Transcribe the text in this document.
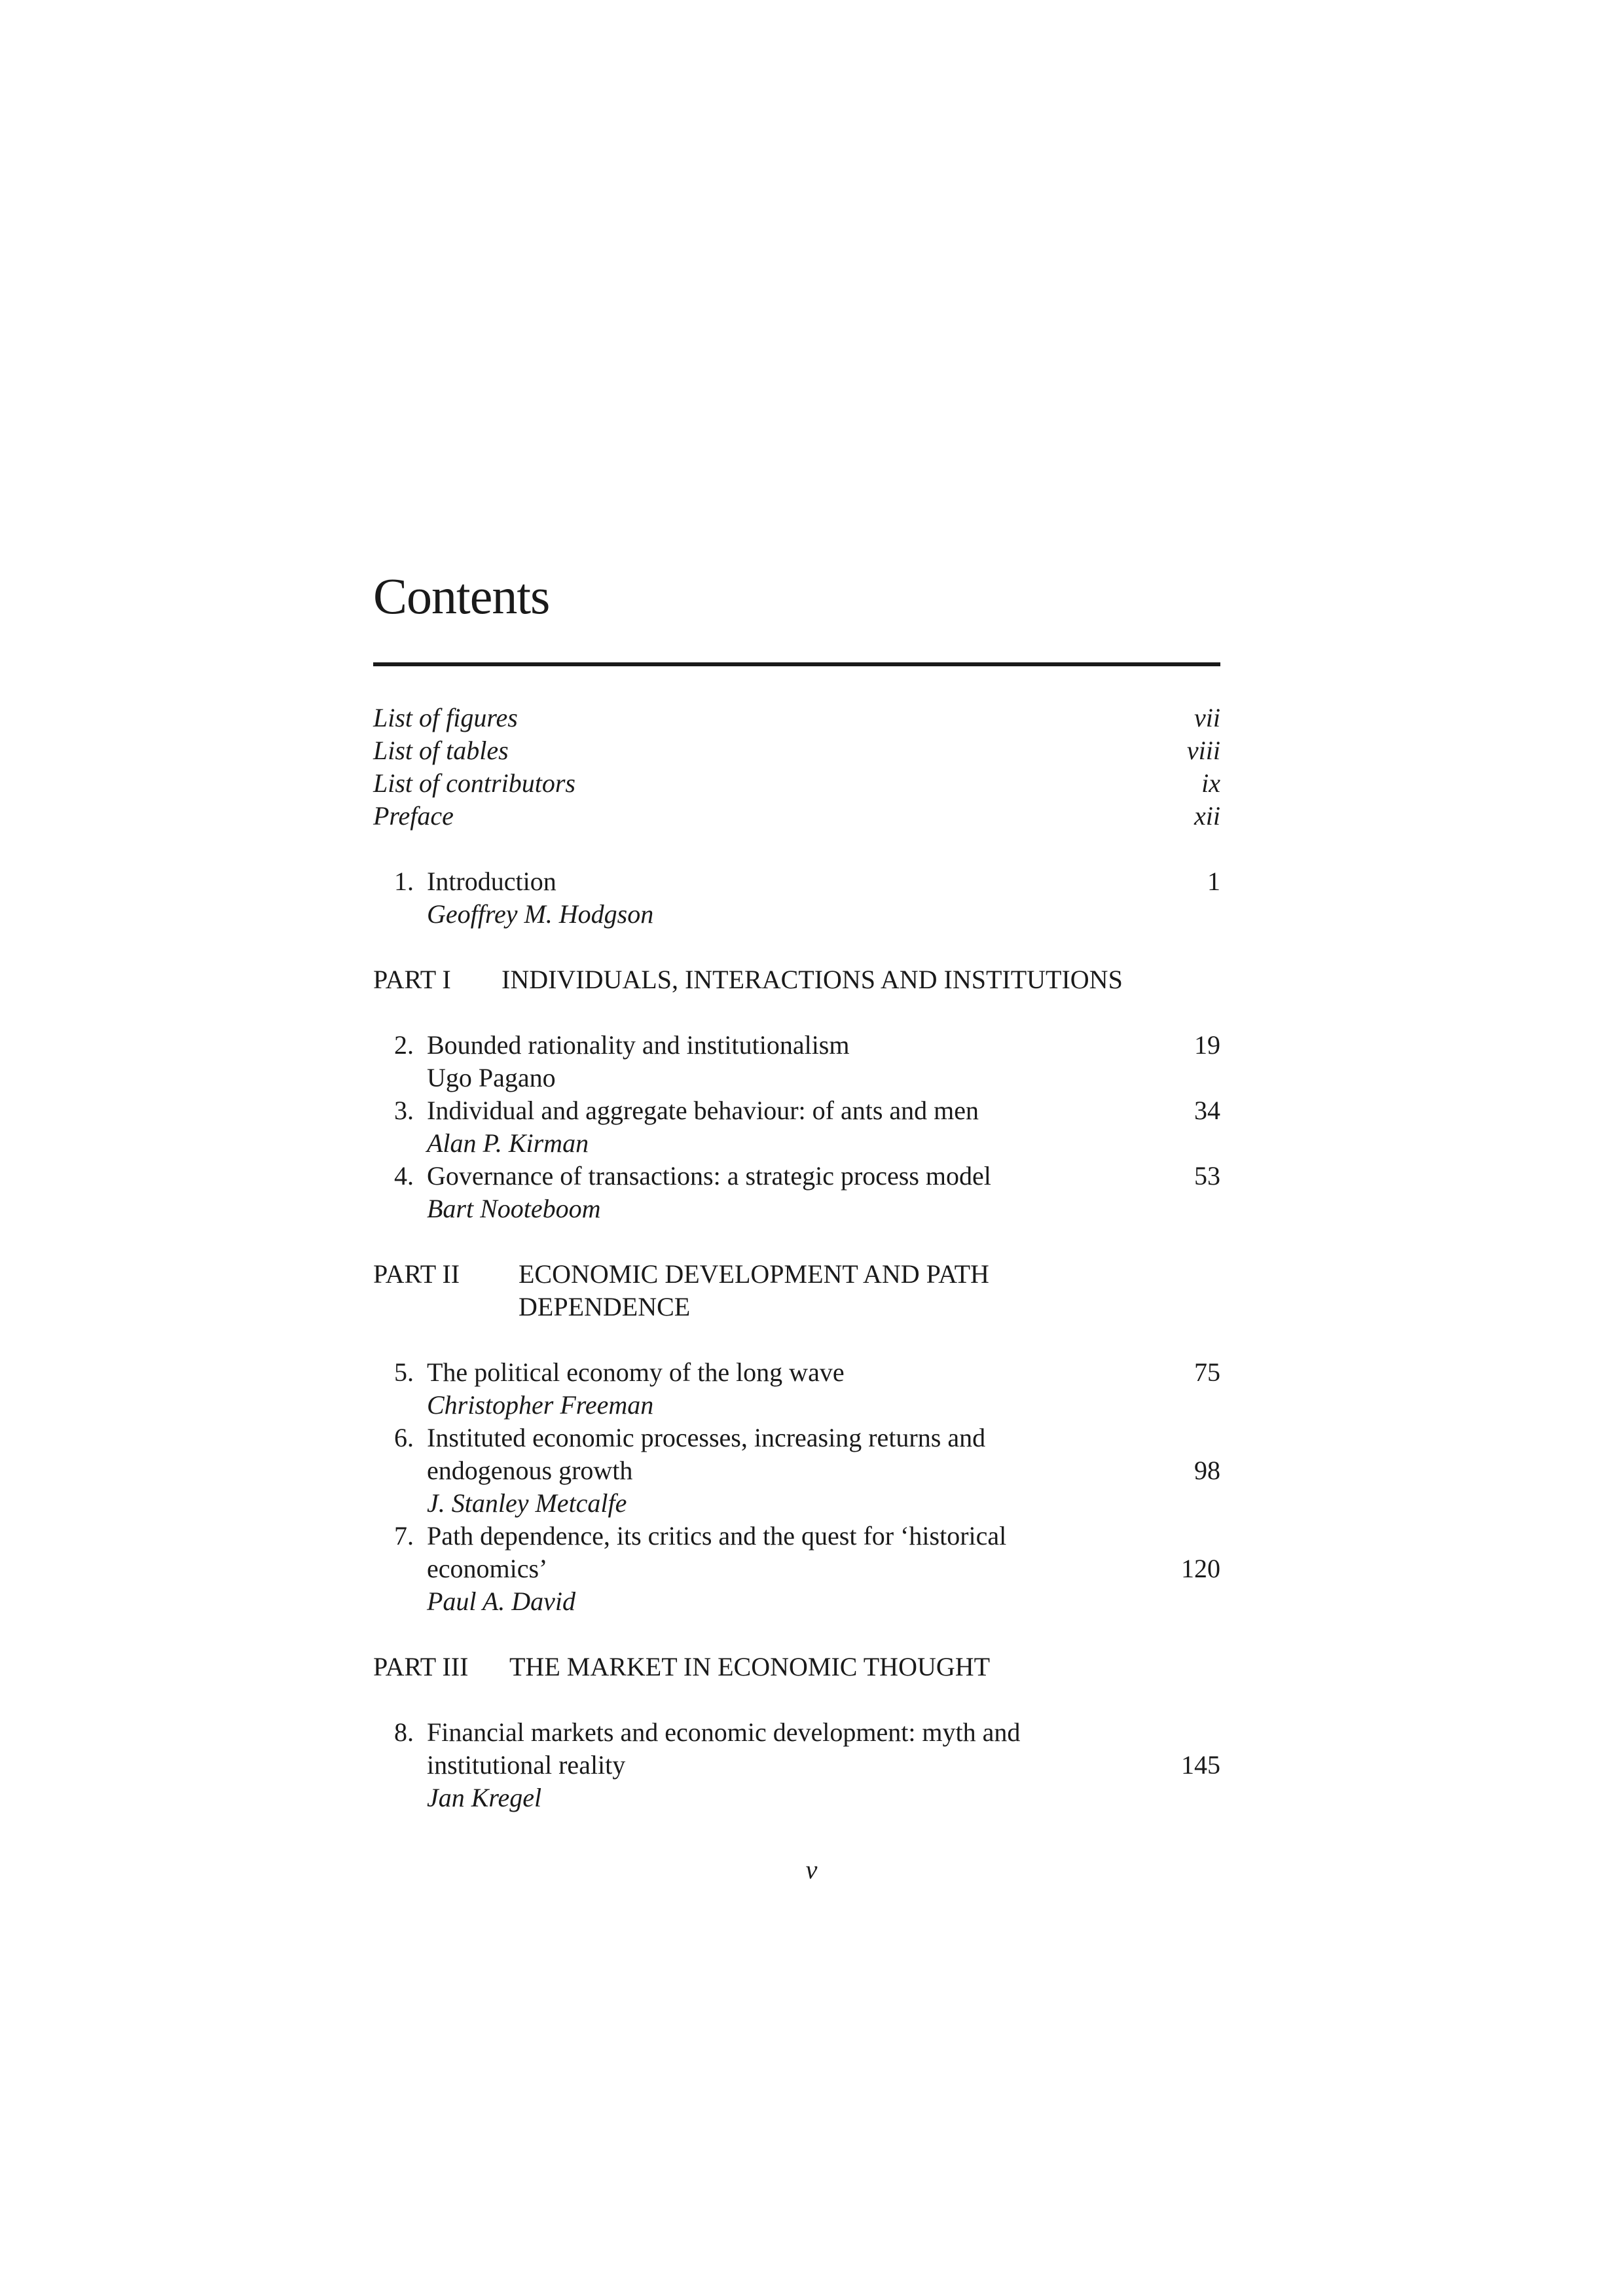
Contents
List of figures	vii
List of tables	viii
List of contributors	ix
Preface	xii
1. Introduction	1
Geoffrey M. Hodgson
PART I INDIVIDUALS, INTERACTIONS AND INSTITUTIONS
2. Bounded rationality and institutionalism	19
Ugo Pagano
3. Individual and aggregate behaviour: of ants and men	34
Alan P. Kirman
4. Governance of transactions: a strategic process model	53
Bart Nooteboom
PART II ECONOMIC DEVELOPMENT AND PATH
DEPENDENCE
5. The political economy of the long wave	75
Christopher Freeman
6. Instituted economic processes, increasing returns and
endogenous growth	98
J. Stanley Metcalfe
7. Path dependence, its critics and the quest for ‘historical
economics’	120
Paul A. David
PART III THE MARKET IN ECONOMIC THOUGHT
8. Financial markets and economic development: myth and
institutional reality	145
Jan Kregel
v
